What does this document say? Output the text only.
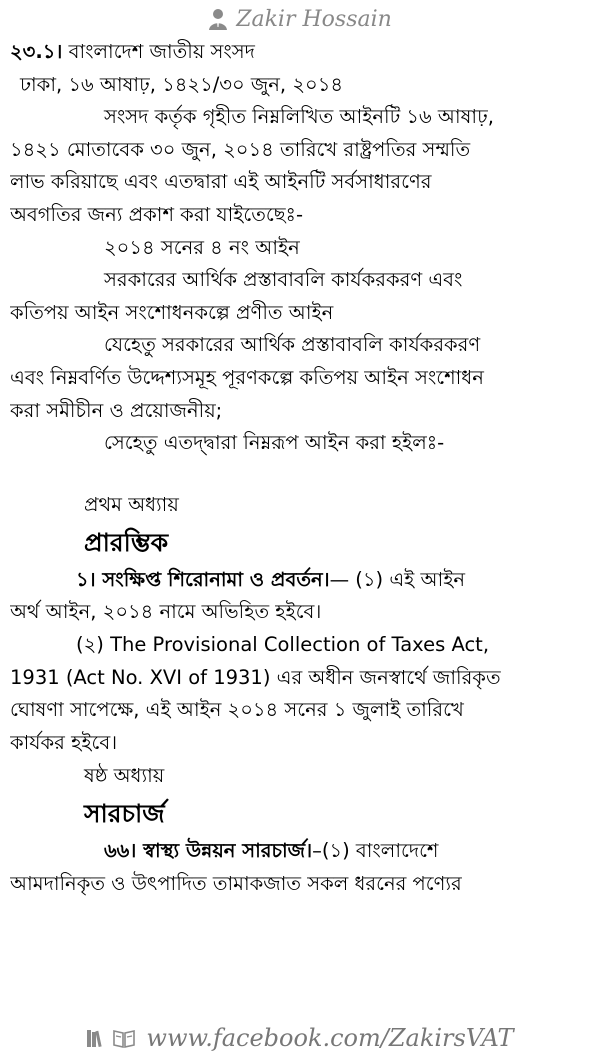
Zakir Hossain
২৩.১। বাংলাদেশ জাতীয় সংসদ
ঢাকা, ১৬ আষাঢ়, ১৪২১/৩০ জুন, ২০১৪
সংসদ কর্তৃক গৃহীত নিম্নলিখিত আইনটি ১৬ আষাঢ়,
১৪২১ মোতাবেক ৩০ জুন, ২০১৪ তারিখে রাষ্ট্রপতির সম্মতি
লাভ করিয়াছে এবং এতদ্বারা এই আইনটি সর্বসাধারণের
অবগতির জন্য প্রকাশ করা যাইতেছেঃ-
২০১৪ সনের ৪ নং আইন
সরকারের আর্থিক প্রস্তাবাবলি কার্যকরকরণ এবং
কতিপয় আইন সংশোধনকল্পে প্রণীত আইন
যেহেতু সরকারের আর্থিক প্রস্তাবাবলি কার্যকরকরণ
এবং নিম্নবর্ণিত উদ্দেশ্যসমূহ পূরণকল্পে কতিপয় আইন সংশোধন
করা সমীচীন ও প্রয়োজনীয়;
সেহেতু এতদ্দ্বারা নিম্নরূপ আইন করা হইলঃ-
প্রথম অধ্যায়
প্রারম্ভিক
১। সংক্ষিপ্ত শিরোনামা ও প্রবর্তন।— (১) এই আইন
অর্থ আইন, ২০১৪ নামে অভিহিত হইবে।
(২) The Provisional Collection of Taxes Act,
1931 (Act No. XVI of 1931) এর অধীন জনস্বার্থে জারিকৃত
ঘোষণা সাপেক্ষে, এই আইন ২০১৪ সনের ১ জুলাই তারিখে
কার্যকর হইবে।
ষষ্ঠ অধ্যায়
সারচার্জ
৬৬। স্বাস্থ্য উন্নয়ন সারচার্জ।–(১) বাংলাদেশে
আমদানিকৃত ও উৎপাদিত তামাকজাত সকল ধরনের পণ্যের
www.facebook.com/ZakirsVAT
